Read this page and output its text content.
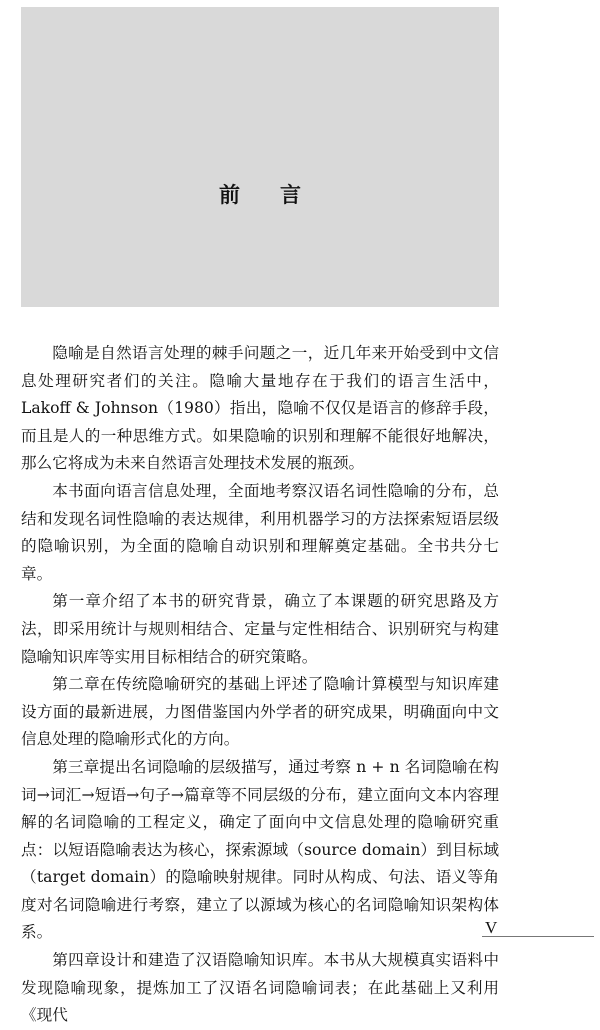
前言

隐喻是自然语言处理的棘手问题之一，近几年来开始受到中文信息处理研究者们的关注。隐喻大量地存在于我们的语言生活中，Lakoff & Johnson（1980）指出，隐喻不仅仅是语言的修辞手段，而且是人的一种思维方式。如果隐喻的识别和理解不能很好地解决，那么它将成为未来自然语言处理技术发展的瓶颈。

本书面向语言信息处理，全面地考察汉语名词性隐喻的分布，总结和发现名词性隐喻的表达规律，利用机器学习的方法探索短语层级的隐喻识别，为全面的隐喻自动识别和理解奠定基础。全书共分七章。

第一章介绍了本书的研究背景，确立了本课题的研究思路及方法，即采用统计与规则相结合、定量与定性相结合、识别研究与构建隐喻知识库等实用目标相结合的研究策略。

第二章在传统隐喻研究的基础上评述了隐喻计算模型与知识库建设方面的最新进展，力图借鉴国内外学者的研究成果，明确面向中文信息处理的隐喻形式化的方向。

第三章提出名词隐喻的层级描写，通过考察 n + n 名词隐喻在构词→词汇→短语→句子→篇章等不同层级的分布，建立面向文本内容理解的名词隐喻的工程定义，确定了面向中文信息处理的隐喻研究重点：以短语隐喻表达为核心，探索源域（source domain）到目标域（target domain）的隐喻映射规律。同时从构成、句法、语义等角度对名词隐喻进行考察，建立了以源域为核心的名词隐喻知识架构体系。

第四章设计和建造了汉语隐喻知识库。本书从大规模真实语料中发现隐喻现象，提炼加工了汉语名词隐喻词表；在此基础上又利用《现代

V
